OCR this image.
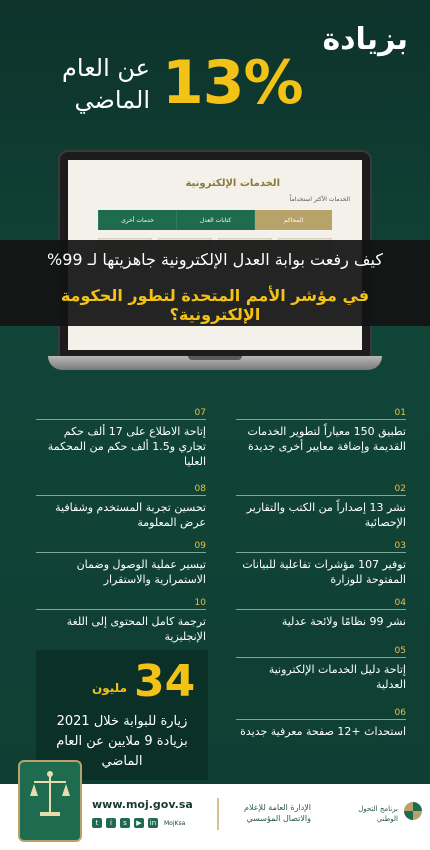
بزيادة
13%
عن العام
الماضي
الخدمات الإلكترونية
الخدمات الأكثر استخداماً
المحاكم
كتابات العدل
خدمات أخرى
كيف رفعت بوابة العدل الإلكترونية جاهزيتها لـ 99%
في مؤشر الأمم المتحدة لتطور الحكومة الإلكترونية؟
01
تطبيق 150 معياراً لتطوير الخدمات القديمة وإضافة معايير أخرى جديدة
02
نشر 13 إصداراً من الكتب والتقارير الإحصائية
03
توفير 107 مؤشرات تفاعلية للبيانات المفتوحة للوزارة
04
نشر 99 نظامًا ولائحة عدلية
05
إتاحة دليل الخدمات الإلكترونية العدلية
06
استحداث +12 صفحة معرفية جديدة
07
إتاحة الاطلاع على 17 ألف حكم تجاري و1.5 ألف حكم من المحكمة العليا
08
تحسين تجربة المستخدم وشفافية عرض المعلومة
09
تيسير عملية الوصول وضمان الاستمرارية والاستقرار
10
ترجمة كامل المحتوى إلى اللغة الإنجليزية
34
مليون
زيارة للبوابة خلال 2021
بزيادة 9 ملايين عن العام الماضي
www.moj.gov.sa
t	i	s	▶	in	MojKsa
الإدارة العامة للإعلام
والاتصال المؤسسي
برنامج التحول
الوطني
